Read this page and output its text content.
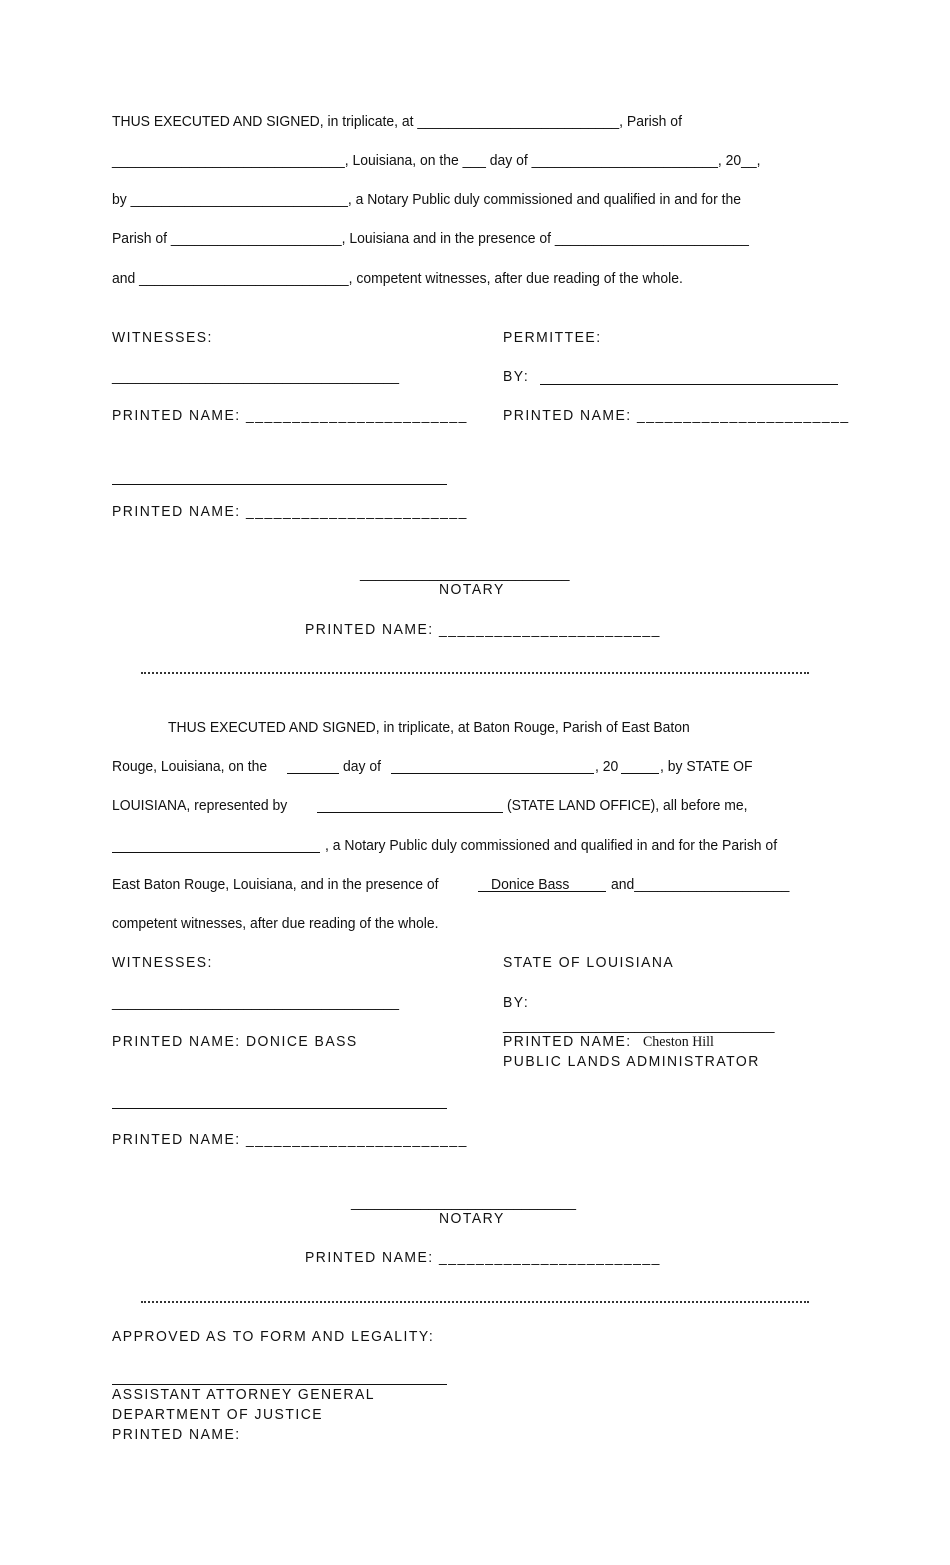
THUS EXECUTED AND SIGNED, in triplicate, at __________________________, Parish of
______________________________, Louisiana, on the ___ day of ________________________, 20__,
by ____________________________, a Notary Public duly commissioned and qualified in and for the
Parish of ______________________, Louisiana and in the presence of _________________________
and ___________________________, competent witnesses, after due reading of the whole.
WITNESSES:	PERMITTEE:
_____________________________________	BY:
PRINTED NAME: ________________________ PRINTED NAME: _______________________
PRINTED NAME: ________________________
___________________________
NOTARY
PRINTED NAME: ________________________
THUS EXECUTED AND SIGNED, in triplicate, at Baton Rouge, Parish of East Baton
Rouge, Louisiana, on the	day of	, 20	, by STATE OF
LOUISIANA, represented by	(STATE LAND OFFICE), all before me,
, a Notary Public duly commissioned and qualified in and for the Parish of
East Baton Rouge, Louisiana, and in the presence of	Donice Bass	and____________________
competent witnesses, after due reading of the whole.
WITNESSES:	STATE OF LOUISIANA
_____________________________________	BY:
___________________________________
PRINTED NAME: DONICE BASS	PRINTED NAME: Cheston Hill
PUBLIC LANDS ADMINISTRATOR
PRINTED NAME: ________________________
_____________________________
NOTARY
PRINTED NAME: ________________________
APPROVED AS TO FORM AND LEGALITY:
ASSISTANT ATTORNEY GENERAL
DEPARTMENT OF JUSTICE
PRINTED NAME:
